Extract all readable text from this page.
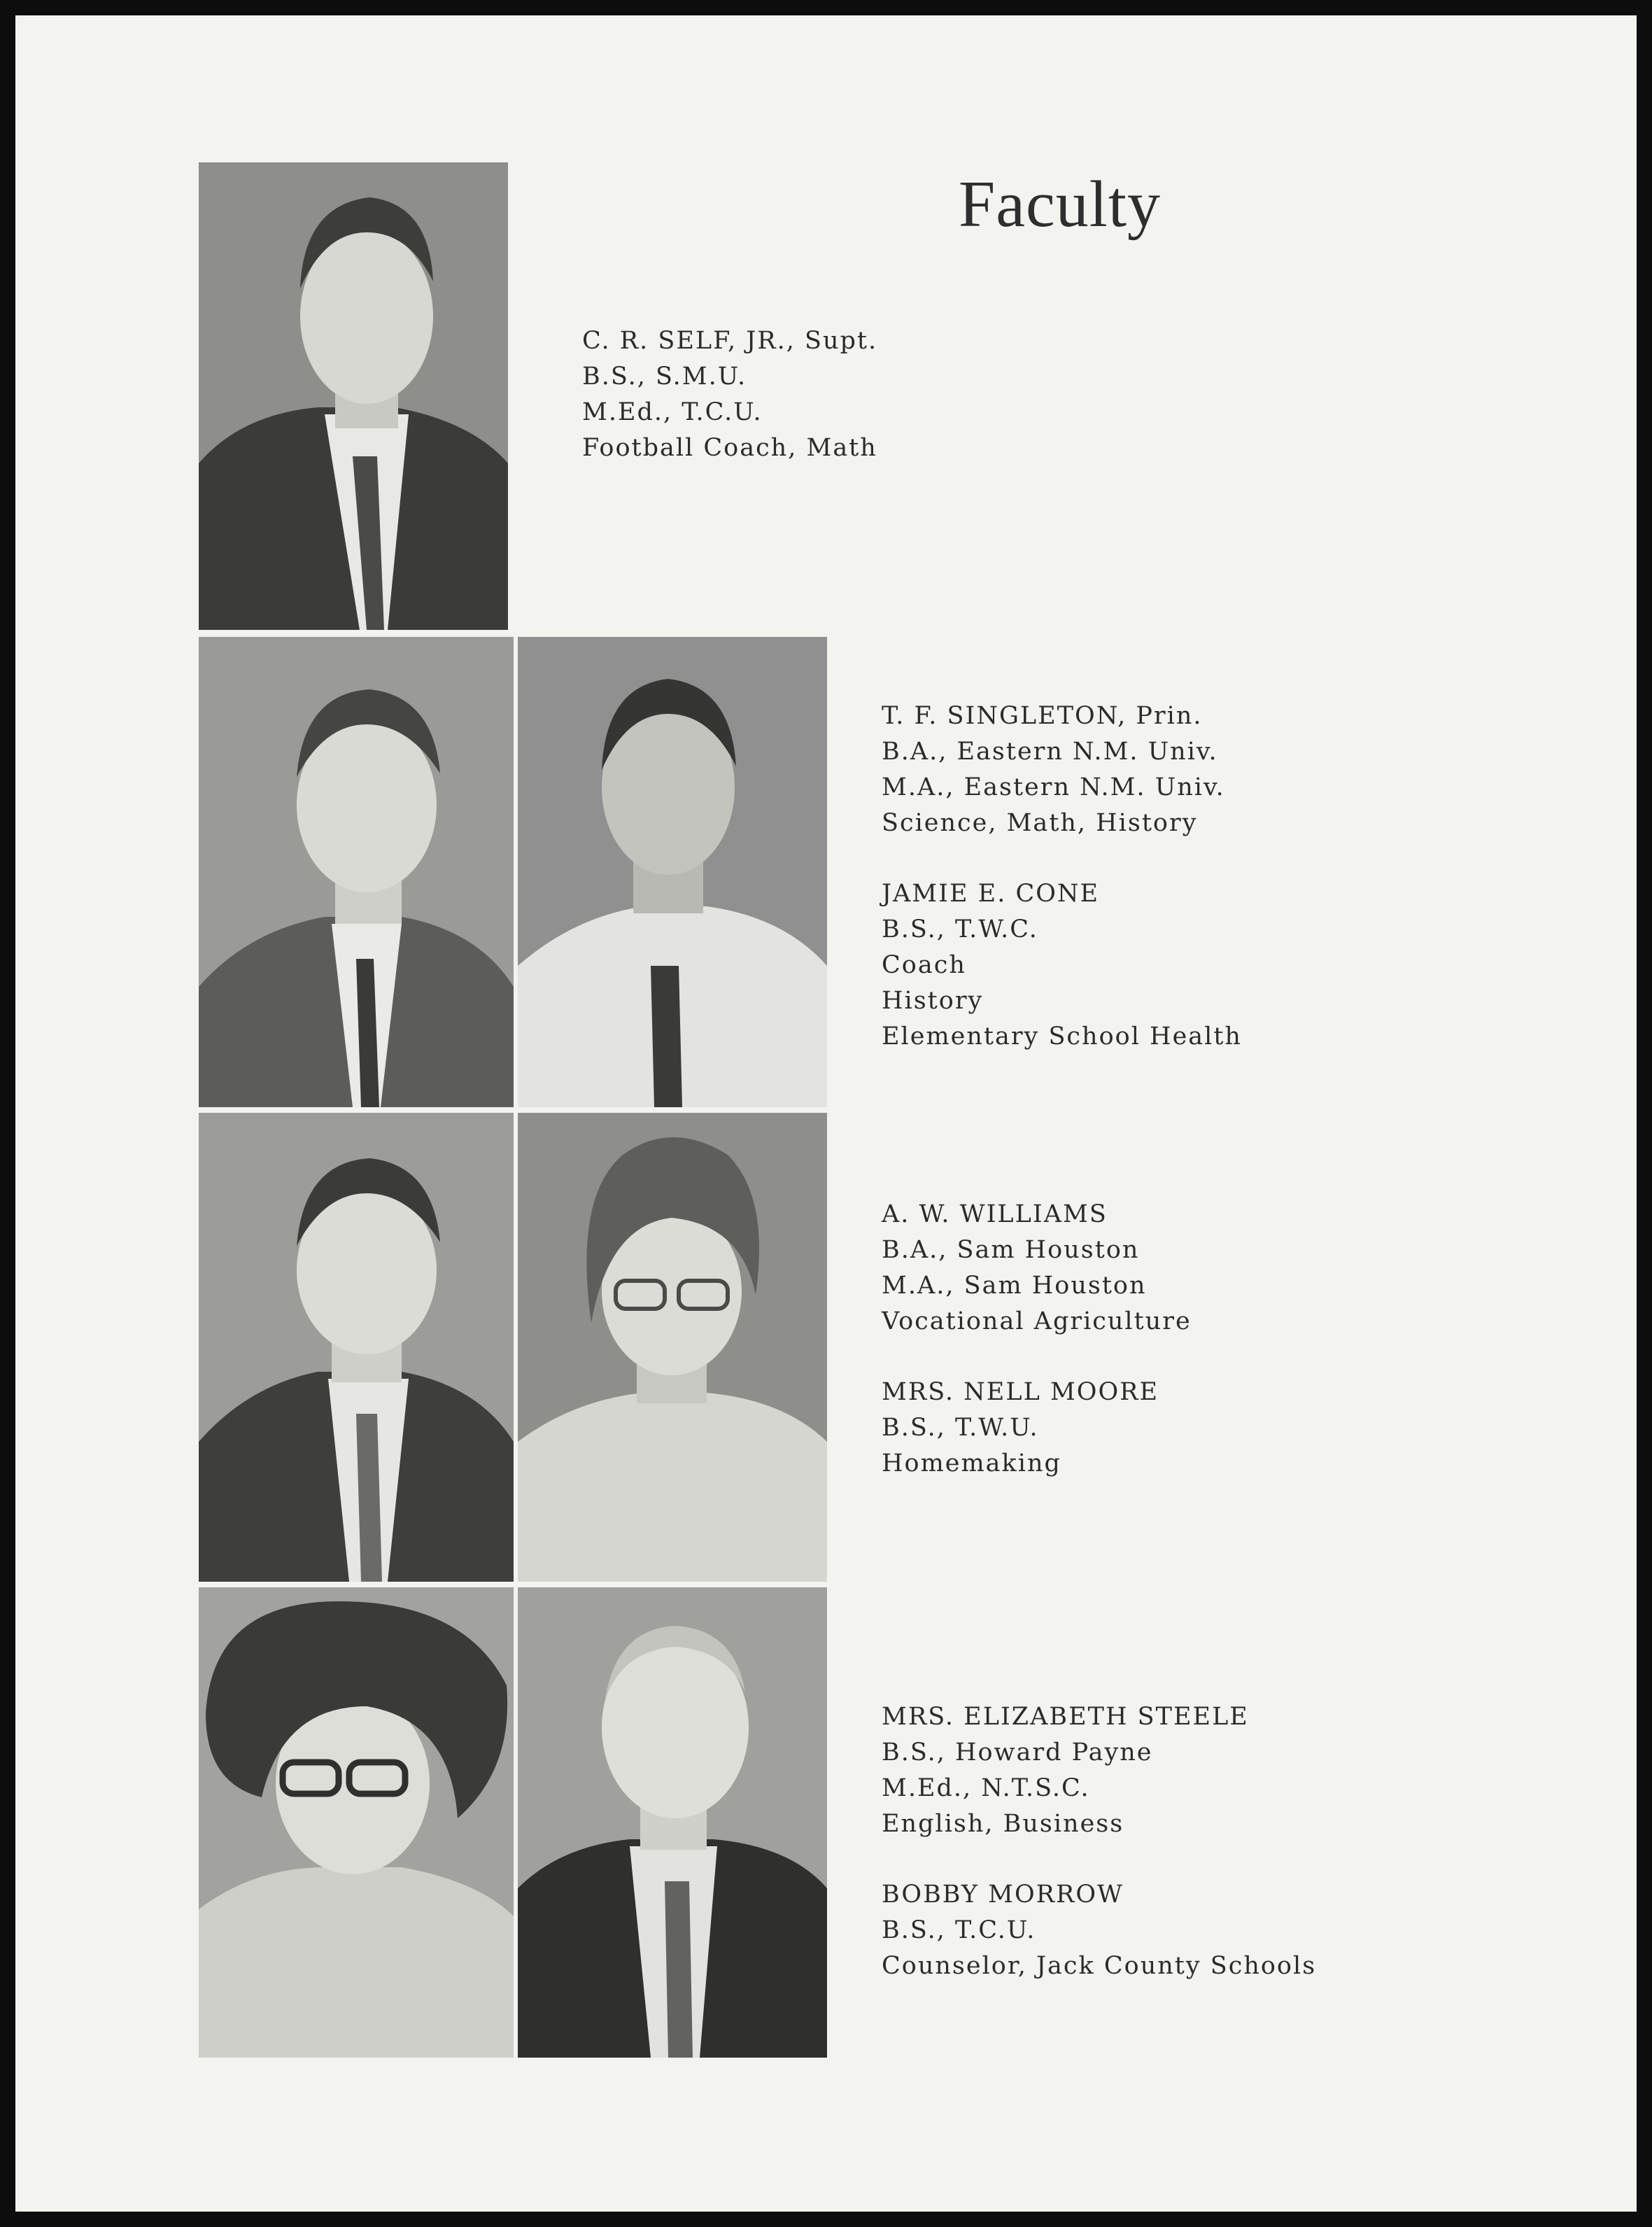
Faculty
C. R. SELF, JR., Supt.
B.S., S.M.U.
M.Ed., T.C.U.
Football Coach, Math
T. F. SINGLETON, Prin.
B.A., Eastern N.M. Univ.
M.A., Eastern N.M. Univ.
Science, Math, History
JAMIE E. CONE
B.S., T.W.C.
Coach
History
Elementary School Health
A. W. WILLIAMS
B.A., Sam Houston
M.A., Sam Houston
Vocational Agriculture
MRS. NELL MOORE
B.S., T.W.U.
Homemaking
MRS. ELIZABETH STEELE
B.S., Howard Payne
M.Ed., N.T.S.C.
English, Business
BOBBY MORROW
B.S., T.C.U.
Counselor, Jack County Schools
